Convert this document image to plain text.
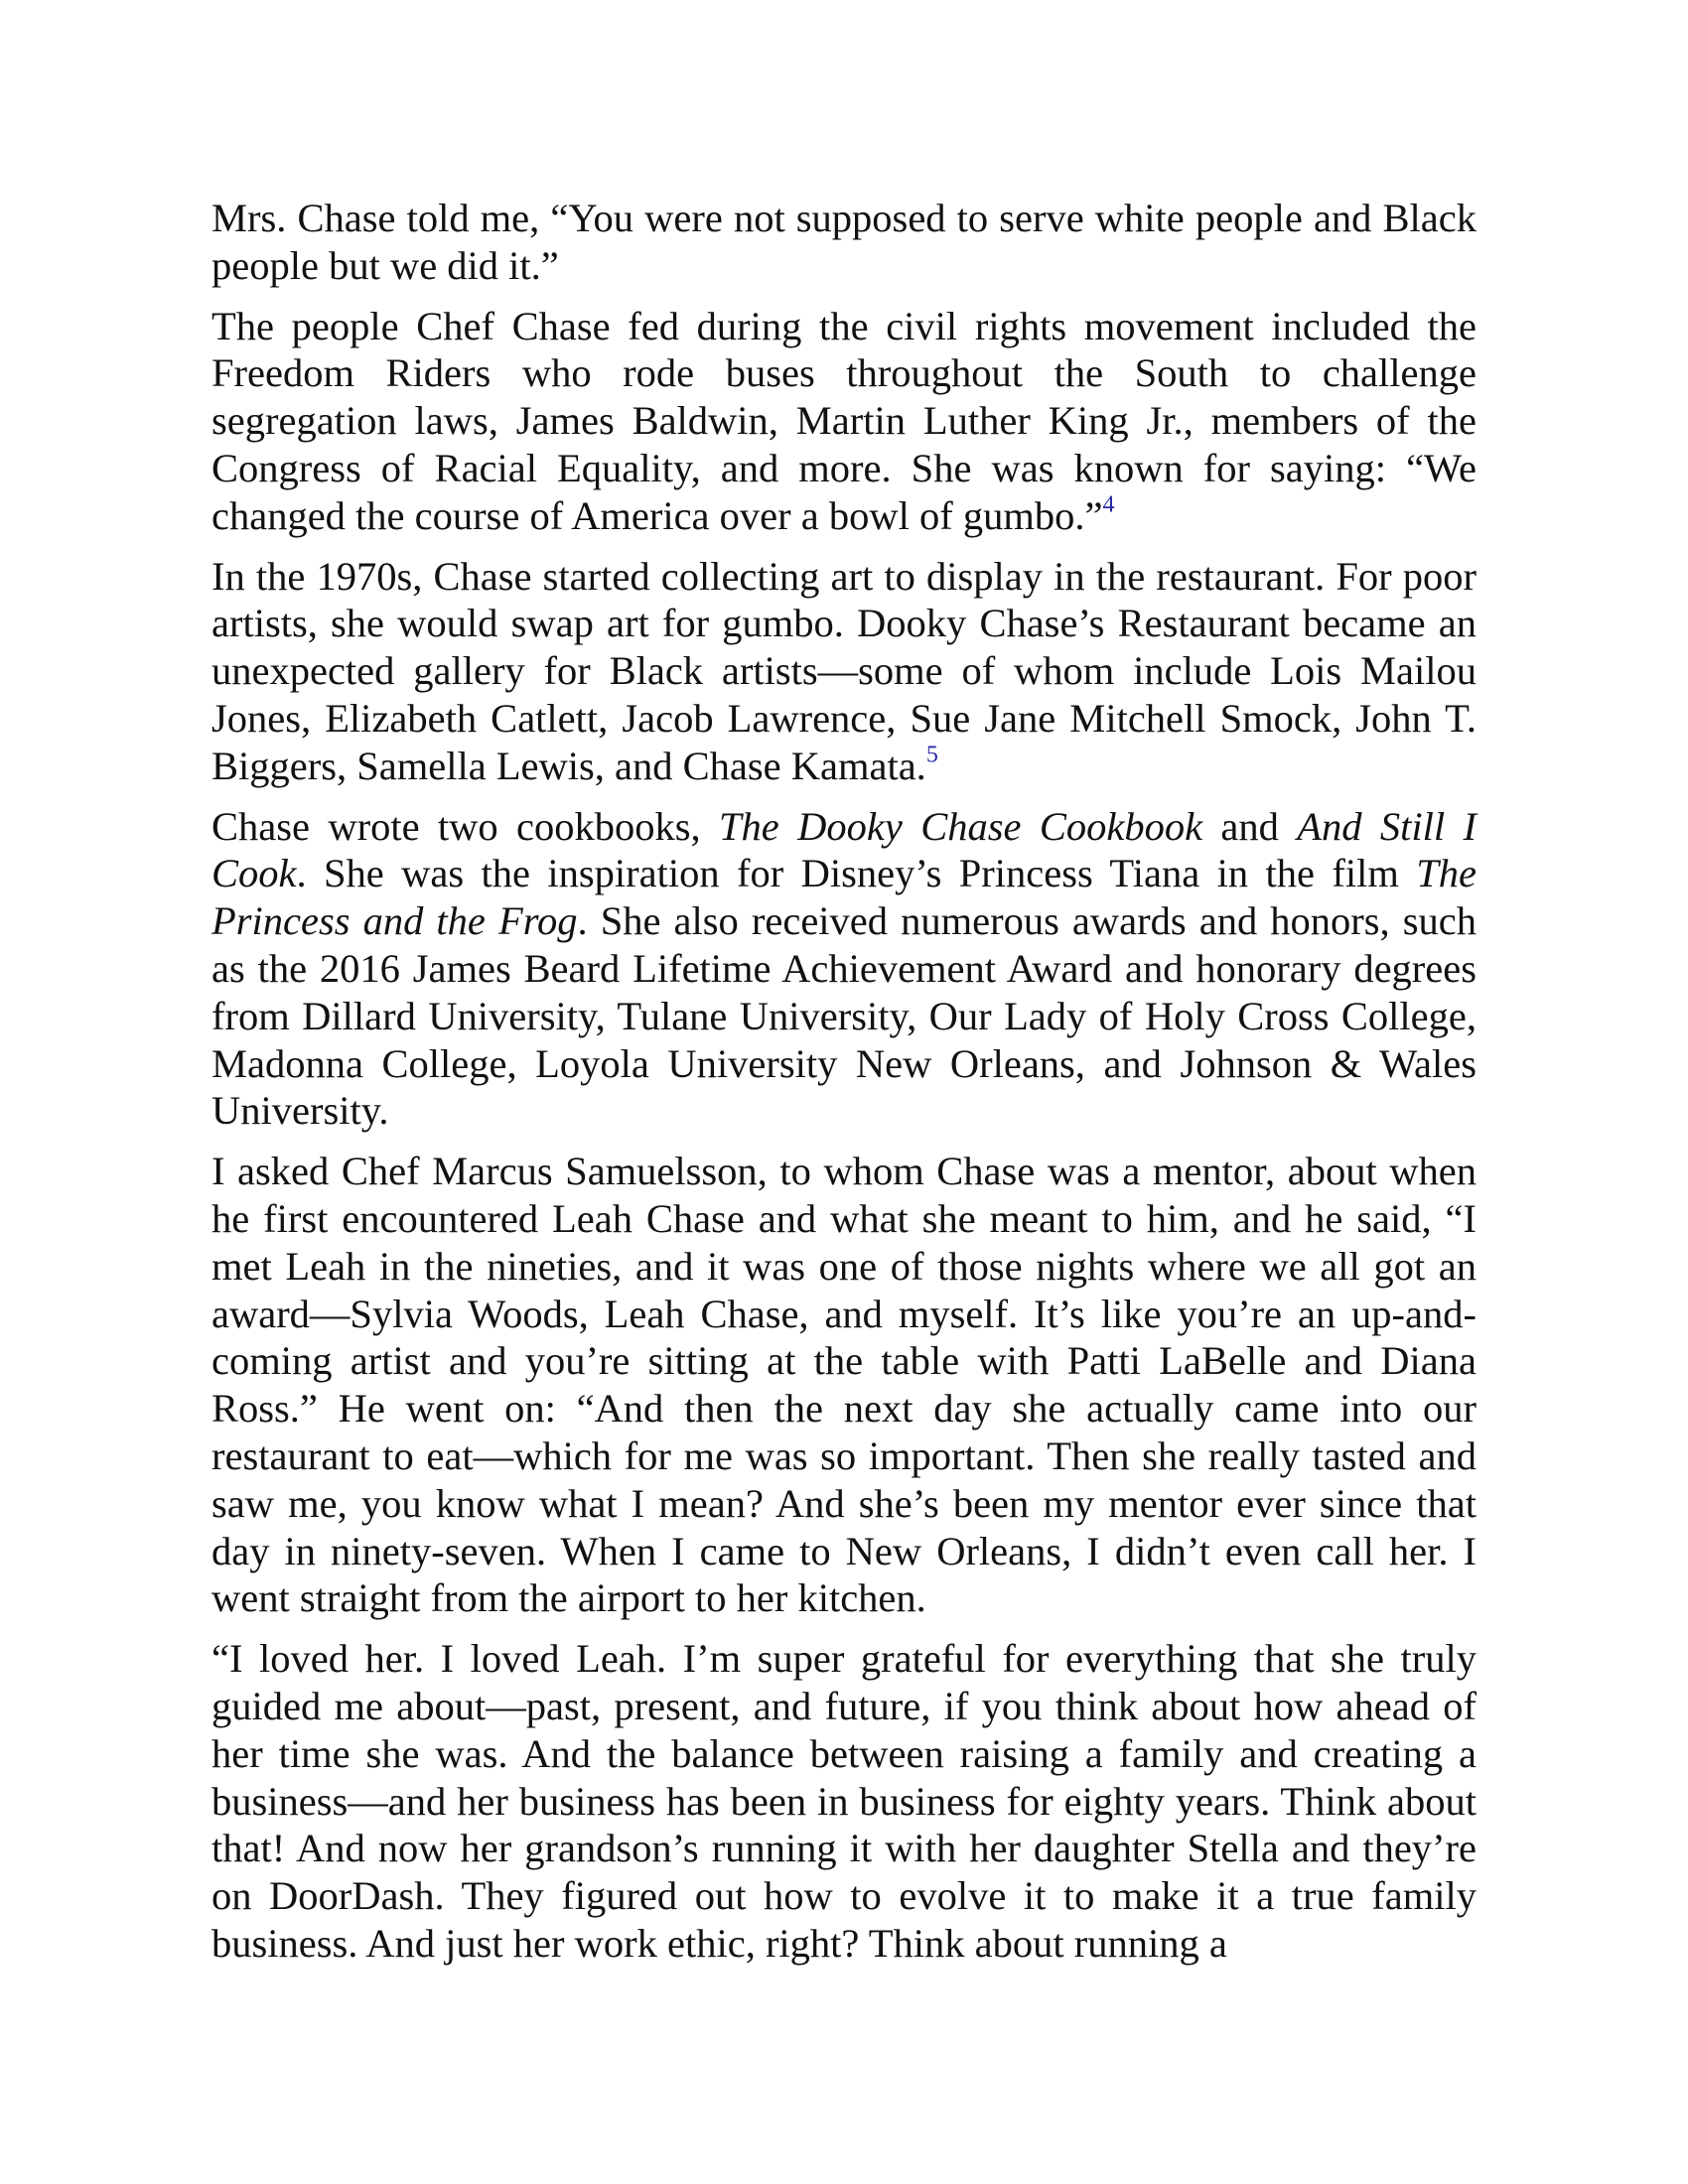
Mrs. Chase told me, “You were not supposed to serve white people and Black people but we did it.”

The people Chef Chase fed during the civil rights movement included the Freedom Riders who rode buses throughout the South to challenge segregation laws, James Baldwin, Martin Luther King Jr., members of the Congress of Racial Equality, and more. She was known for saying: “We changed the course of America over a bowl of gumbo.”$^4$

In the 1970s, Chase started collecting art to display in the restaurant. For poor artists, she would swap art for gumbo. Dooky Chase’s Restaurant became an unexpected gallery for Black artists—some of whom include Lois Mailou Jones, Elizabeth Catlett, Jacob Lawrence, Sue Jane Mitchell Smock, John T. Biggers, Samella Lewis, and Chase Kamata.$^5$

Chase wrote two cookbooks, The Dooky Chase Cookbook and And Still I Cook. She was the inspiration for Disney’s Princess Tiana in the film The Princess and the Frog. She also received numerous awards and honors, such as the 2016 James Beard Lifetime Achievement Award and honorary degrees from Dillard University, Tulane University, Our Lady of Holy Cross College, Madonna College, Loyola University New Orleans, and Johnson & Wales University.

I asked Chef Marcus Samuelsson, to whom Chase was a mentor, about when he first encountered Leah Chase and what she meant to him, and he said, “I met Leah in the nineties, and it was one of those nights where we all got an award—Sylvia Woods, Leah Chase, and myself. It’s like you’re an up-and-coming artist and you’re sitting at the table with Patti LaBelle and Diana Ross.” He went on: “And then the next day she actually came into our restaurant to eat—which for me was so important. Then she really tasted and saw me, you know what I mean? And she’s been my mentor ever since that day in ninety-seven. When I came to New Orleans, I didn’t even call her. I went straight from the airport to her kitchen.

“I loved her. I loved Leah. I’m super grateful for everything that she truly guided me about—past, present, and future, if you think about how ahead of her time she was. And the balance between raising a family and creating a business—and her business has been in business for eighty years. Think about that! And now her grandson’s running it with her daughter Stella and they’re on DoorDash. They figured out how to evolve it to make it a true family business. And just her work ethic, right? Think about running a
